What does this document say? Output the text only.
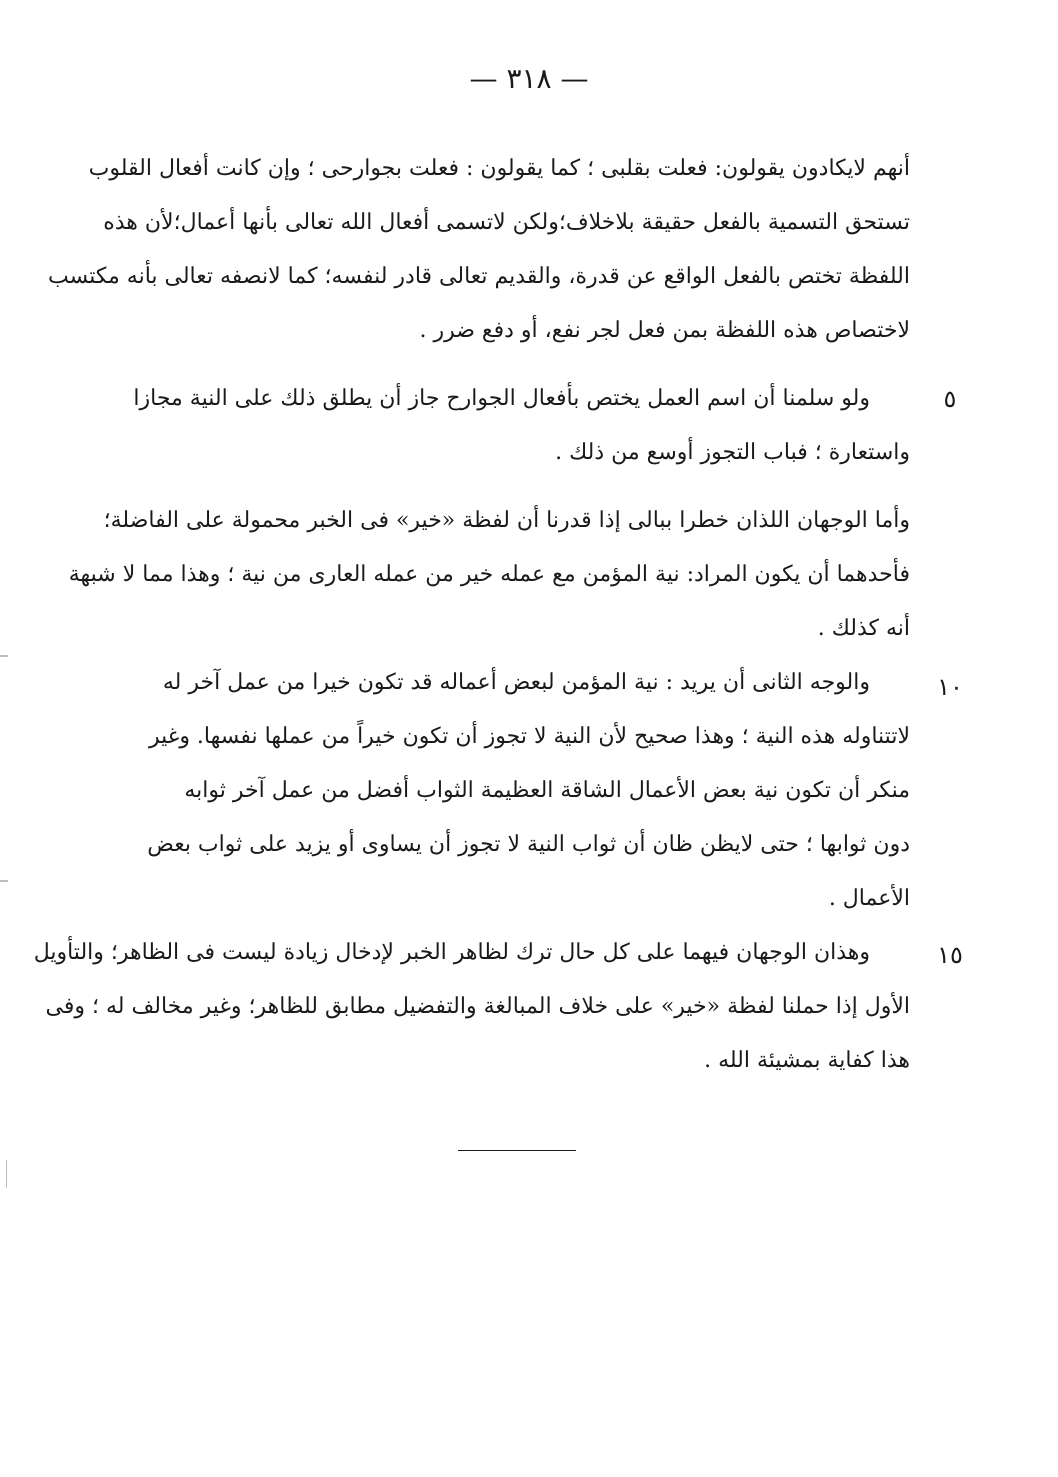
— ٣١٨ —
أنهم لايكادون يقولون: فعلت بقلبى ؛ كما يقولون : فعلت بجوارحى ؛ وإن كانت أفعال القلوب
تستحق التسمية بالفعل حقيقة بلاخلاف؛ولكن لاتسمى أفعال الله تعالى بأنها أعمال؛لأن هذه
اللفظة تختص بالفعل الواقع عن قدرة، والقديم تعالى قادر لنفسه؛ كما لانصفه تعالى بأنه مكتسب
لاختصاص هذه اللفظة بمن فعل لجر نفع، أو دفع ضرر .
٥
ولو سلمنا أن اسم العمل يختص بأفعال الجوارح جاز أن يطلق ذلك على النية مجازا
واستعارة ؛ فباب التجوز أوسع من ذلك .
وأما الوجهان اللذان خطرا ببالى إذا قدرنا أن لفظة «خير» فى الخبر محمولة على الفاضلة؛
فأحدهما أن يكون المراد: نية المؤمن مع عمله خير من عمله العارى من نية ؛ وهذا مما لا شبهة
أنه كذلك .
١٠
والوجه الثانى أن يريد : نية المؤمن لبعض أعماله قد تكون خيرا من عمل آخر له
لاتتناوله هذه النية ؛ وهذا صحيح لأن النية لا تجوز أن تكون خيراً من عملها نفسها. وغير
منكر أن تكون نية بعض الأعمال الشاقة العظيمة الثواب أفضل من عمل آخر ثوابه
دون ثوابها ؛ حتى لايظن ظان أن ثواب النية لا تجوز أن يساوى أو يزيد على ثواب بعض
الأعمال .
١٥
وهذان الوجهان فيهما على كل حال ترك لظاهر الخبر لإدخال زيادة ليست فى الظاهر؛ والتأويل
الأول إذا حملنا لفظة «خير» على خلاف المبالغة والتفضيل مطابق للظاهر؛ وغير مخالف له ؛ وفى
هذا كفاية بمشيئة الله .
